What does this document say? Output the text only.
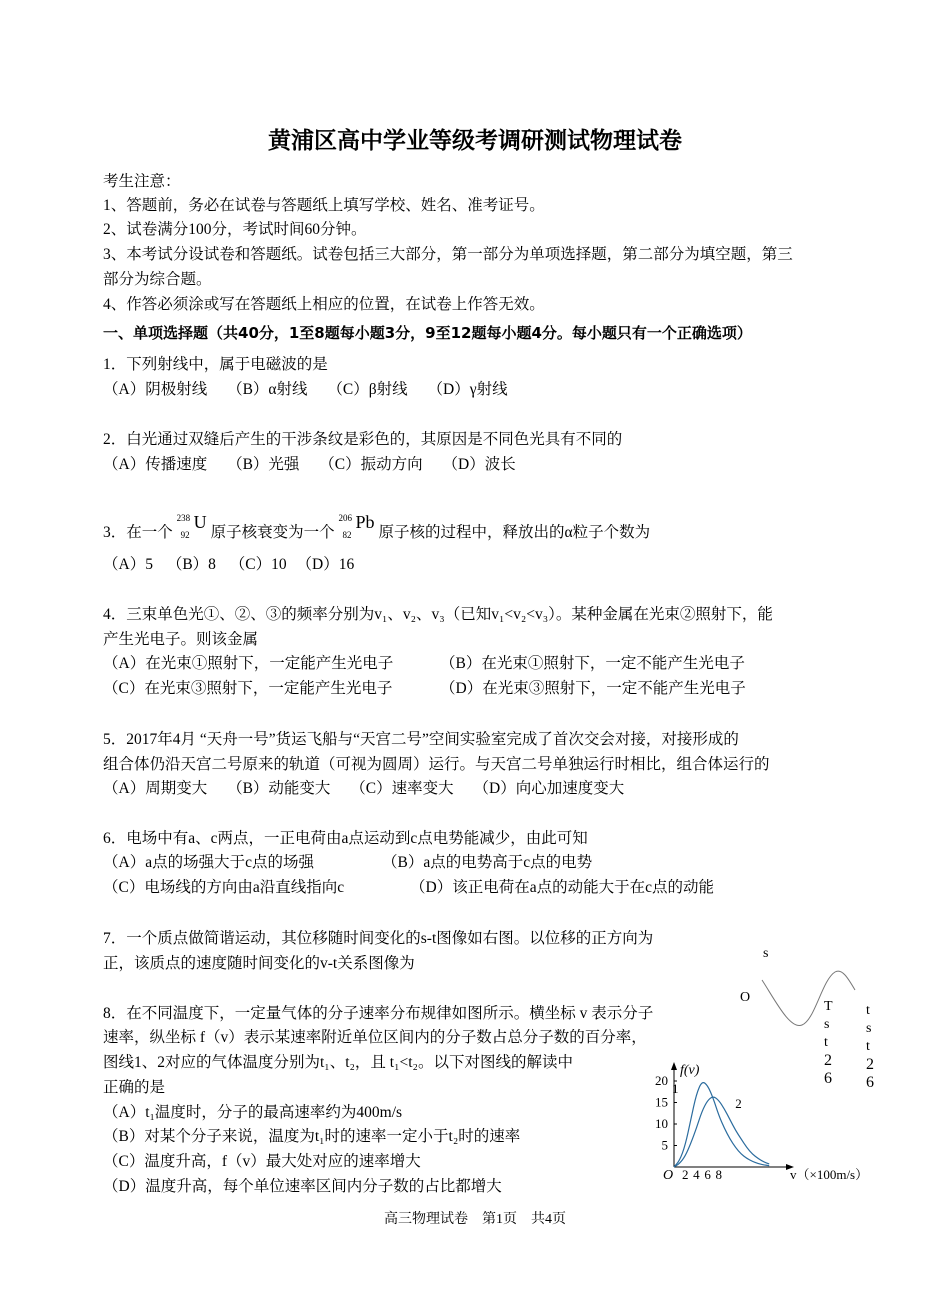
黄浦区高中学业等级考调研测试物理试卷
考生注意：
1、答题前，务必在试卷与答题纸上填写学校、姓名、准考证号。
2、试卷满分100分，考试时间60分钟。
3、本考试分设试卷和答题纸。试卷包括三大部分，第一部分为单项选择题，第二部分为填空题，第三
部分为综合题。
4、作答必须涂或写在答题纸上相应的位置，在试卷上作答无效。
一、单项选择题（共40分，1至8题每小题3分，9至12题每小题4分。每小题只有一个正确选项）
1．下列射线中，属于电磁波的是
（A）阴极射线 （B）α射线 （C）β射线 （D）γ射线
2．白光通过双缝后产生的干涉条纹是彩色的，其原因是不同色光具有不同的
（A）传播速度 （B）光强 （C）振动方向 （D）波长
3．在一个
238
92
U
原子核衰变为一个
206
82
Pb
原子核的过程中，释放出的α粒子个数为
（A）5 （B）8 （C）10 （D）16
4．三束单色光①、②、③的频率分别为v₁、v₂、v₃（已知v₁<v₂<v₃）。某种金属在光束②照射下，能
产生光电子。则该金属
（A）在光束①照射下，一定能产生光电子	（B）在光束①照射下，一定不能产生光电子
（C）在光束③照射下，一定能产生光电子	（D）在光束③照射下，一定不能产生光电子
5．2017年4月 “天舟一号”货运飞船与“天宫二号”空间实验室完成了首次交会对接，对接形成的
组合体仍沿天宫二号原来的轨道（可视为圆周）运行。与天宫二号单独运行时相比，组合体运行的
（A）周期变大 （B）动能变大 （C）速率变大 （D）向心加速度变大
6．电场中有a、c两点，一正电荷由a点运动到c点电势能减少，由此可知
（A）a点的场强大于c点的场强	（B）a点的电势高于c点的电势
（C）电场线的方向由a沿直线指向c	（D）该正电荷在a点的动能大于在c点的动能
7．一个质点做简谐运动，其位移随时间变化的s-t图像如右图。以位移的正方向为
正，该质点的速度随时间变化的v-t关系图像为
s
O
T
s
t
2
6
t
s
t
2
6
8．在不同温度下，一定量气体的分子速率分布规律如图所示。横坐标 v 表示分子
速率，纵坐标 f（v）表示某速率附近单位区间内的分子数占总分子数的百分率，
图线1、2对应的气体温度分别为t₁、t₂，且 t₁<t₂。以下对图线的解读中
正确的是
（A）t₁温度时，分子的最高速率约为400m/s
（B）对某个分子来说，温度为t₁时的速率一定小于t₂时的速率
（C）温度升高，f（v）最大处对应的速率增大
（D）温度升高，每个单位速率区间内分子数的占比都增大
f(v)
O	v（×100m/s）
5
10
15
20
2 4 6 8
1
2
高三物理试卷　第1页　共4页
